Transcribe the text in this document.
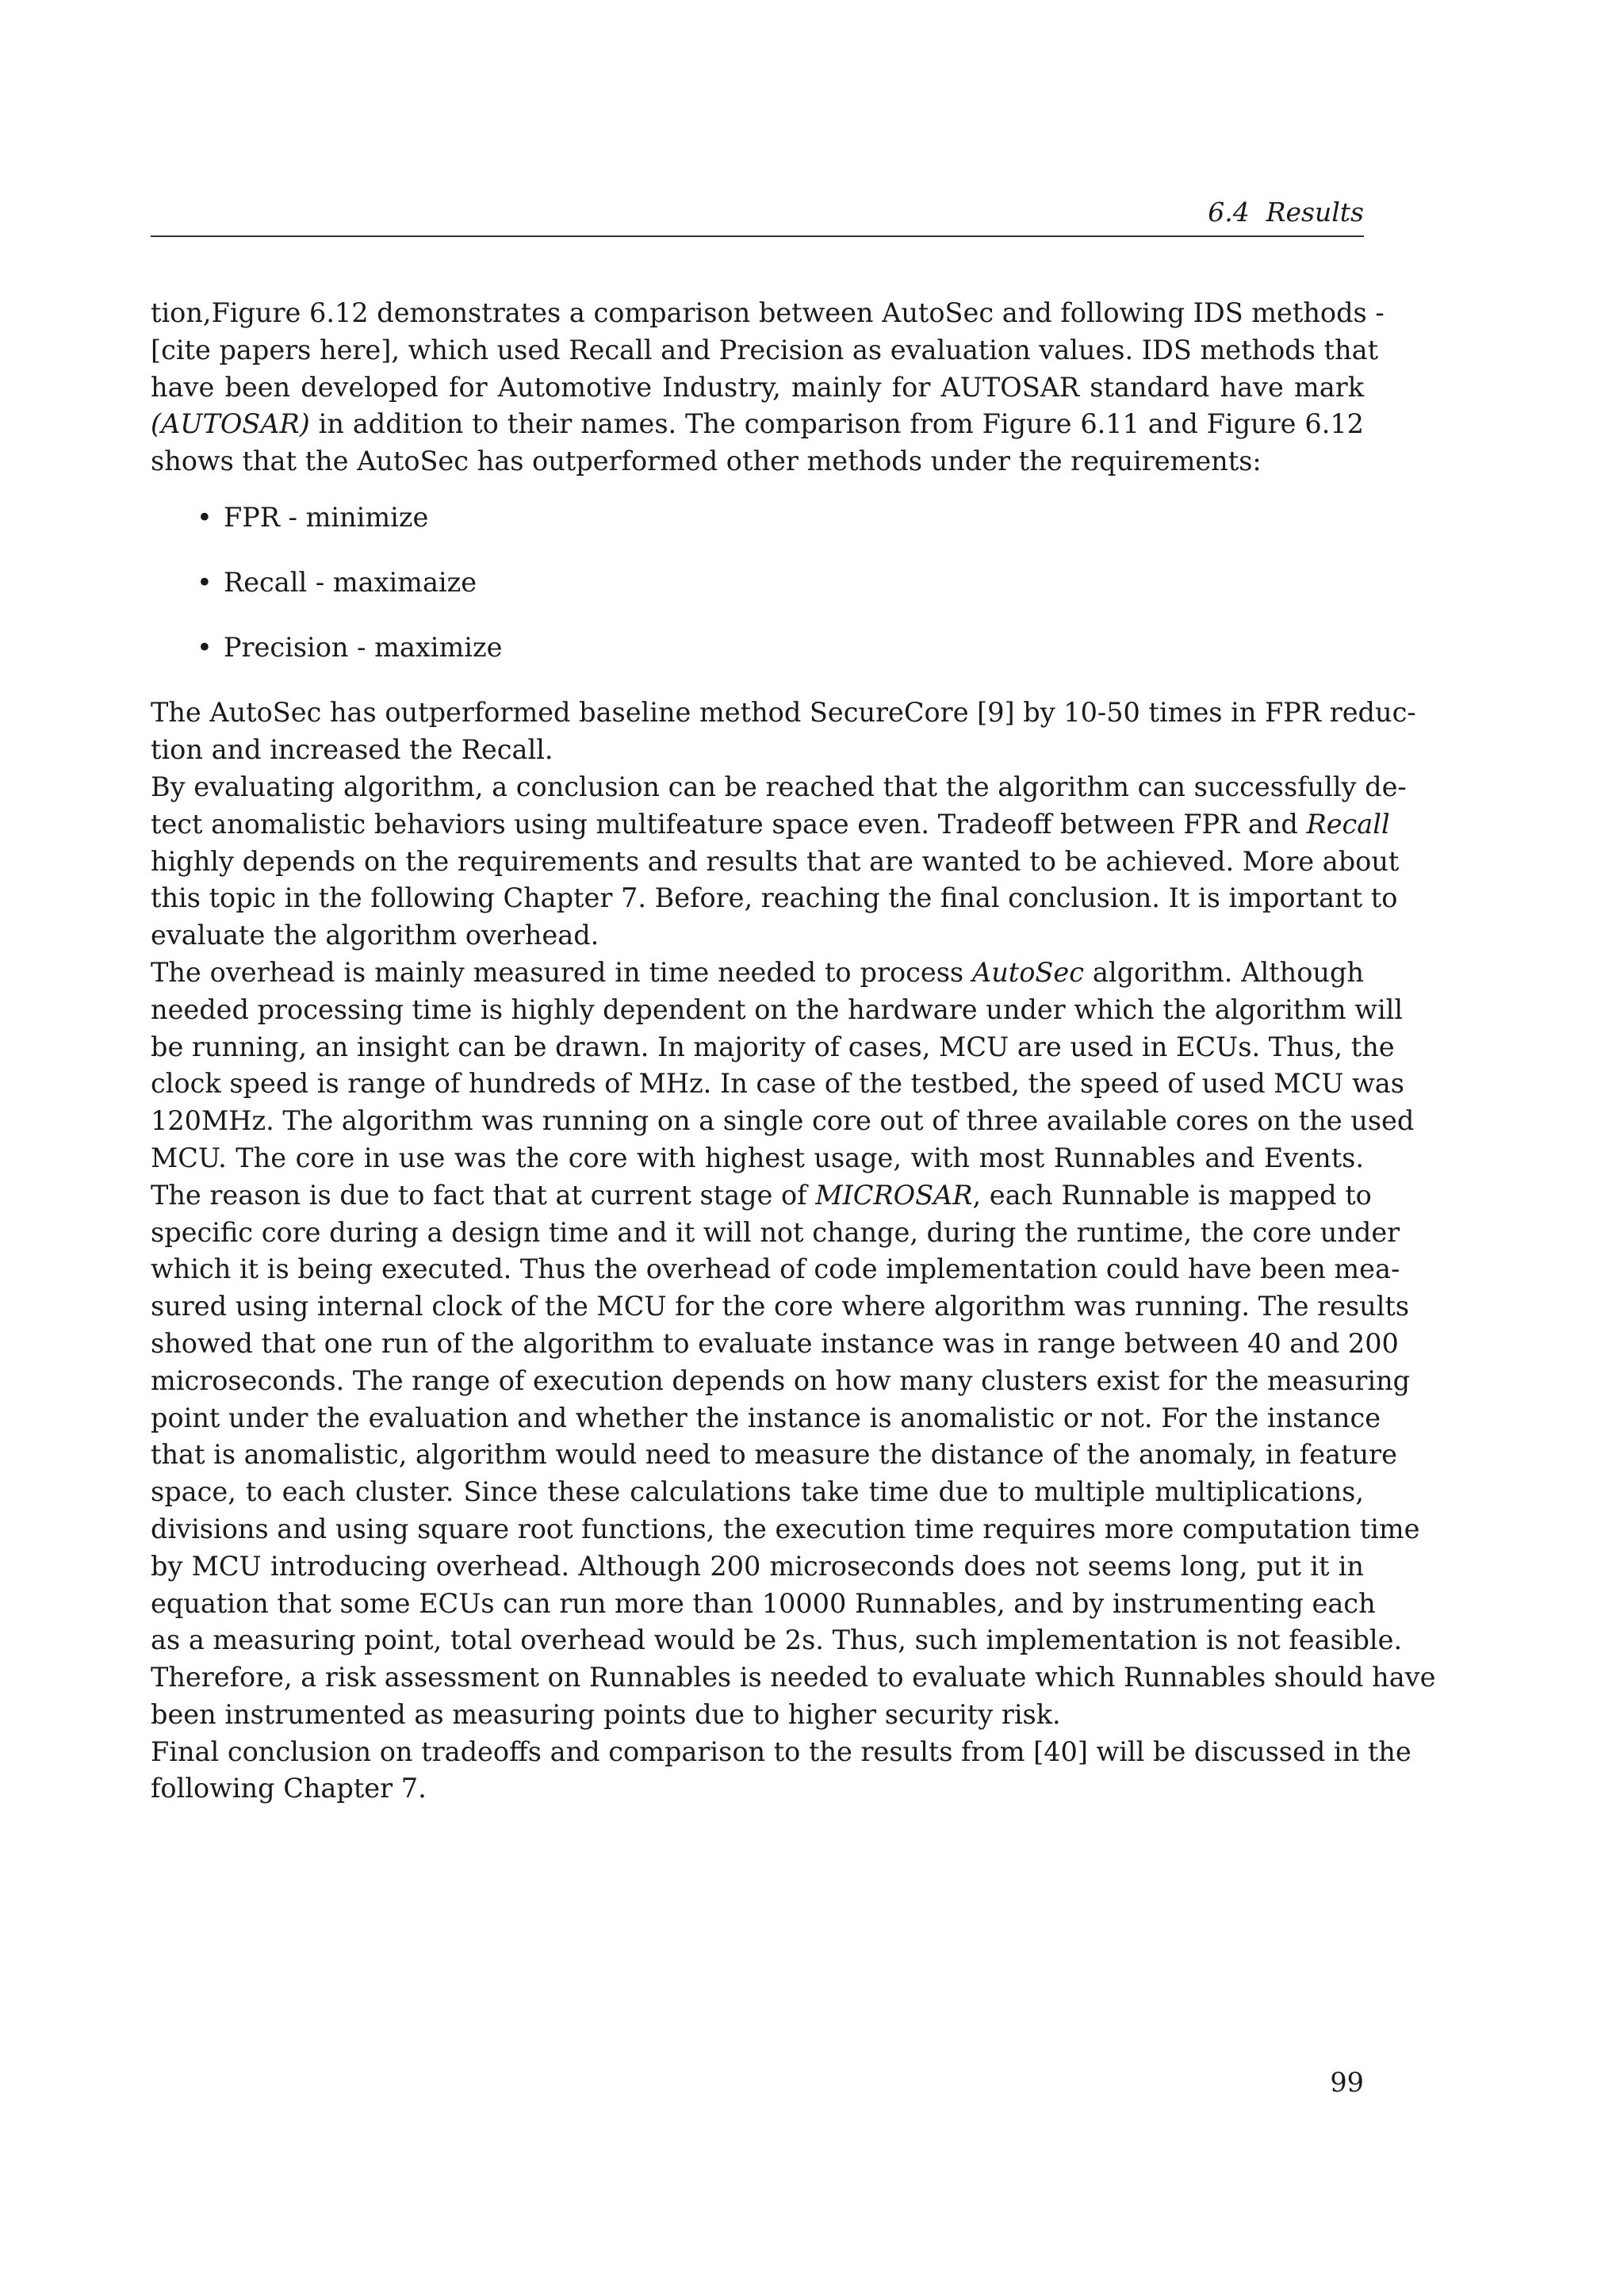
6.4  Results
tion,Figure 6.12 demonstrates a comparison between AutoSec and following IDS methods -
[cite papers here], which used Recall and Precision as evaluation values. IDS methods that
have been developed for Automotive Industry, mainly for AUTOSAR standard have mark
(AUTOSAR) in addition to their names. The comparison from Figure 6.11 and Figure 6.12
shows that the AutoSec has outperformed other methods under the requirements:
• FPR - minimize
• Recall - maximaize
• Precision - maximize
The AutoSec has outperformed baseline method SecureCore [9] by 10-50 times in FPR reduc-
tion and increased the Recall.
By evaluating algorithm, a conclusion can be reached that the algorithm can successfully de-
tect anomalistic behaviors using multifeature space even. Tradeoff between FPR and Recall
highly depends on the requirements and results that are wanted to be achieved. More about
this topic in the following Chapter 7. Before, reaching the final conclusion. It is important to
evaluate the algorithm overhead.
The overhead is mainly measured in time needed to process AutoSec algorithm. Although
needed processing time is highly dependent on the hardware under which the algorithm will
be running, an insight can be drawn. In majority of cases, MCU are used in ECUs. Thus, the
clock speed is range of hundreds of MHz. In case of the testbed, the speed of used MCU was
120MHz. The algorithm was running on a single core out of three available cores on the used
MCU. The core in use was the core with highest usage, with most Runnables and Events.
The reason is due to fact that at current stage of MICROSAR, each Runnable is mapped to
specific core during a design time and it will not change, during the runtime, the core under
which it is being executed. Thus the overhead of code implementation could have been mea-
sured using internal clock of the MCU for the core where algorithm was running. The results
showed that one run of the algorithm to evaluate instance was in range between 40 and 200
microseconds. The range of execution depends on how many clusters exist for the measuring
point under the evaluation and whether the instance is anomalistic or not. For the instance
that is anomalistic, algorithm would need to measure the distance of the anomaly, in feature
space, to each cluster. Since these calculations take time due to multiple multiplications,
divisions and using square root functions, the execution time requires more computation time
by MCU introducing overhead. Although 200 microseconds does not seems long, put it in
equation that some ECUs can run more than 10000 Runnables, and by instrumenting each
as a measuring point, total overhead would be 2s. Thus, such implementation is not feasible.
Therefore, a risk assessment on Runnables is needed to evaluate which Runnables should have
been instrumented as measuring points due to higher security risk.
Final conclusion on tradeoffs and comparison to the results from [40] will be discussed in the
following Chapter 7.
99
